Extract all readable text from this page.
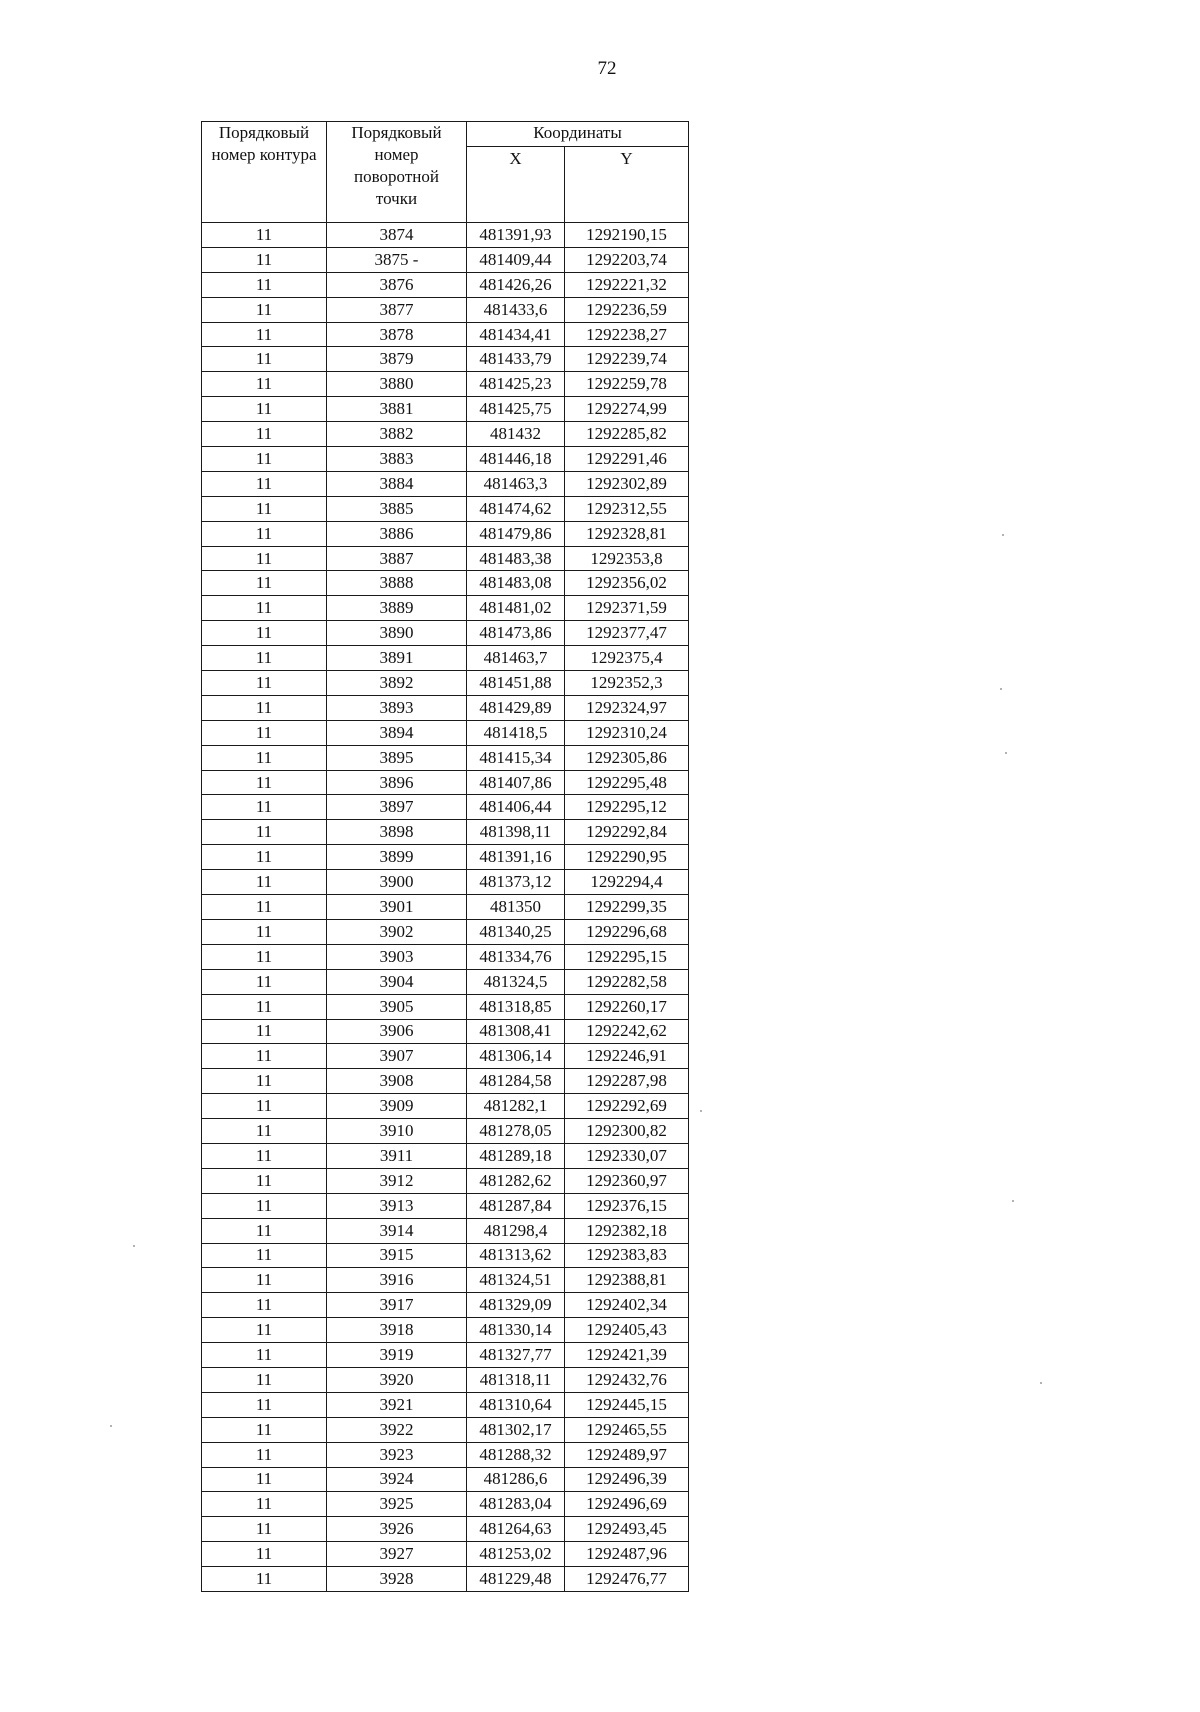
72
Порядковый
номер контура	Порядковый
номер
поворотной
точки	Координаты	
		X	Y
11	3874	481391,93	1292190,15
11	3875 -	481409,44	1292203,74
11	3876	481426,26	1292221,32
11	3877	481433,6	1292236,59
11	3878	481434,41	1292238,27
11	3879	481433,79	1292239,74
11	3880	481425,23	1292259,78
11	3881	481425,75	1292274,99
11	3882	481432	1292285,82
11	3883	481446,18	1292291,46
11	3884	481463,3	1292302,89
11	3885	481474,62	1292312,55
11	3886	481479,86	1292328,81
11	3887	481483,38	1292353,8
11	3888	481483,08	1292356,02
11	3889	481481,02	1292371,59
11	3890	481473,86	1292377,47
11	3891	481463,7	1292375,4
11	3892	481451,88	1292352,3
11	3893	481429,89	1292324,97
11	3894	481418,5	1292310,24
11	3895	481415,34	1292305,86
11	3896	481407,86	1292295,48
11	3897	481406,44	1292295,12
11	3898	481398,11	1292292,84
11	3899	481391,16	1292290,95
11	3900	481373,12	1292294,4
11	3901	481350	1292299,35
11	3902	481340,25	1292296,68
11	3903	481334,76	1292295,15
11	3904	481324,5	1292282,58
11	3905	481318,85	1292260,17
11	3906	481308,41	1292242,62
11	3907	481306,14	1292246,91
11	3908	481284,58	1292287,98
11	3909	481282,1	1292292,69
11	3910	481278,05	1292300,82
11	3911	481289,18	1292330,07
11	3912	481282,62	1292360,97
11	3913	481287,84	1292376,15
11	3914	481298,4	1292382,18
11	3915	481313,62	1292383,83
11	3916	481324,51	1292388,81
11	3917	481329,09	1292402,34
11	3918	481330,14	1292405,43
11	3919	481327,77	1292421,39
11	3920	481318,11	1292432,76
11	3921	481310,64	1292445,15
11	3922	481302,17	1292465,55
11	3923	481288,32	1292489,97
11	3924	481286,6	1292496,39
11	3925	481283,04	1292496,69
11	3926	481264,63	1292493,45
11	3927	481253,02	1292487,96
11	3928	481229,48	1292476,77
